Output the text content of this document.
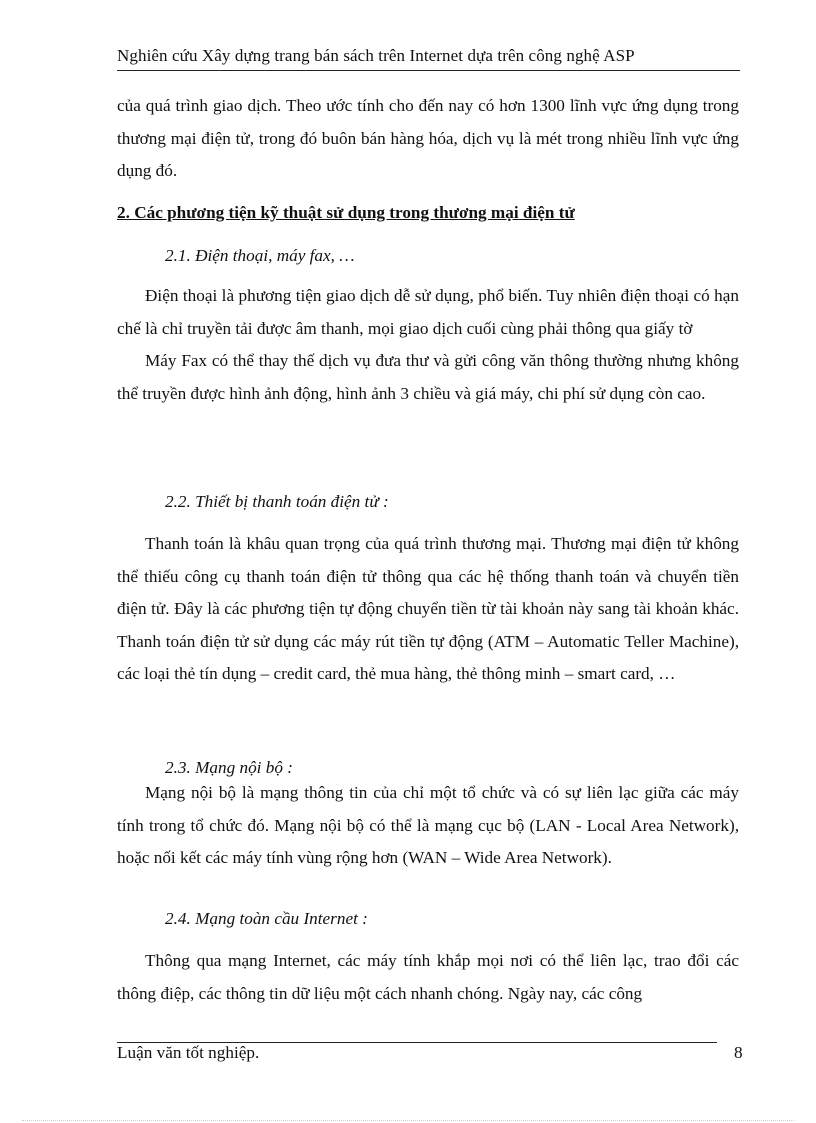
Nghiên cứu Xây dựng trang bán sách trên Internet dựa trên công nghệ ASP

của quá trình giao dịch. Theo ước tính cho đến nay có hơn 1300 lĩnh vực ứng dụng trong thương mại điện tử, trong đó buôn bán hàng hóa, dịch vụ là mét trong nhiều lĩnh vực ứng dụng đó.

2. Các phương tiện kỹ thuật sử dụng trong thương mại điện tử
2.1. Điện thoại, máy fax, …

Điện thoại là phương tiện giao dịch dễ sử dụng, phổ biến. Tuy nhiên điện thoại có hạn chế là chỉ truyền tải được âm thanh, mọi giao dịch cuối cùng phải thông qua giấy tờ

Máy Fax có thể thay thế dịch vụ đưa thư và gửi công văn thông thường nhưng không thể truyền được hình ảnh động, hình ảnh 3 chiều và giá máy, chi phí sử dụng còn cao.

2.2. Thiết bị thanh toán điện tử :

Thanh toán là khâu quan trọng của quá trình thương mại. Thương mại điện tử không thể thiếu công cụ thanh toán điện tử thông qua các hệ thống thanh toán và chuyển tiền điện tử. Đây là các phương tiện tự động chuyển tiền từ tài khoản này sang tài khoản khác. Thanh toán điện tử sử dụng các máy rút tiền tự động (ATM – Automatic Teller Machine), các loại thẻ tín dụng – credit card, thẻ mua hàng, thẻ thông minh – smart card, …

2.3. Mạng nội bộ :

Mạng nội bộ là mạng thông tin của chỉ một tổ chức và có sự liên lạc giữa các máy tính trong tổ chức đó. Mạng nội bộ có thể là mạng cục bộ (LAN - Local Area Network), hoặc nối kết các máy tính vùng rộng hơn (WAN – Wide Area Network).

2.4. Mạng toàn cầu Internet :

Thông qua mạng Internet, các máy tính khắp mọi nơi có thể liên lạc, trao đổi các thông điệp, các thông tin dữ liệu một cách nhanh chóng. Ngày nay, các công

Luận văn tốt nghiệp.	8
